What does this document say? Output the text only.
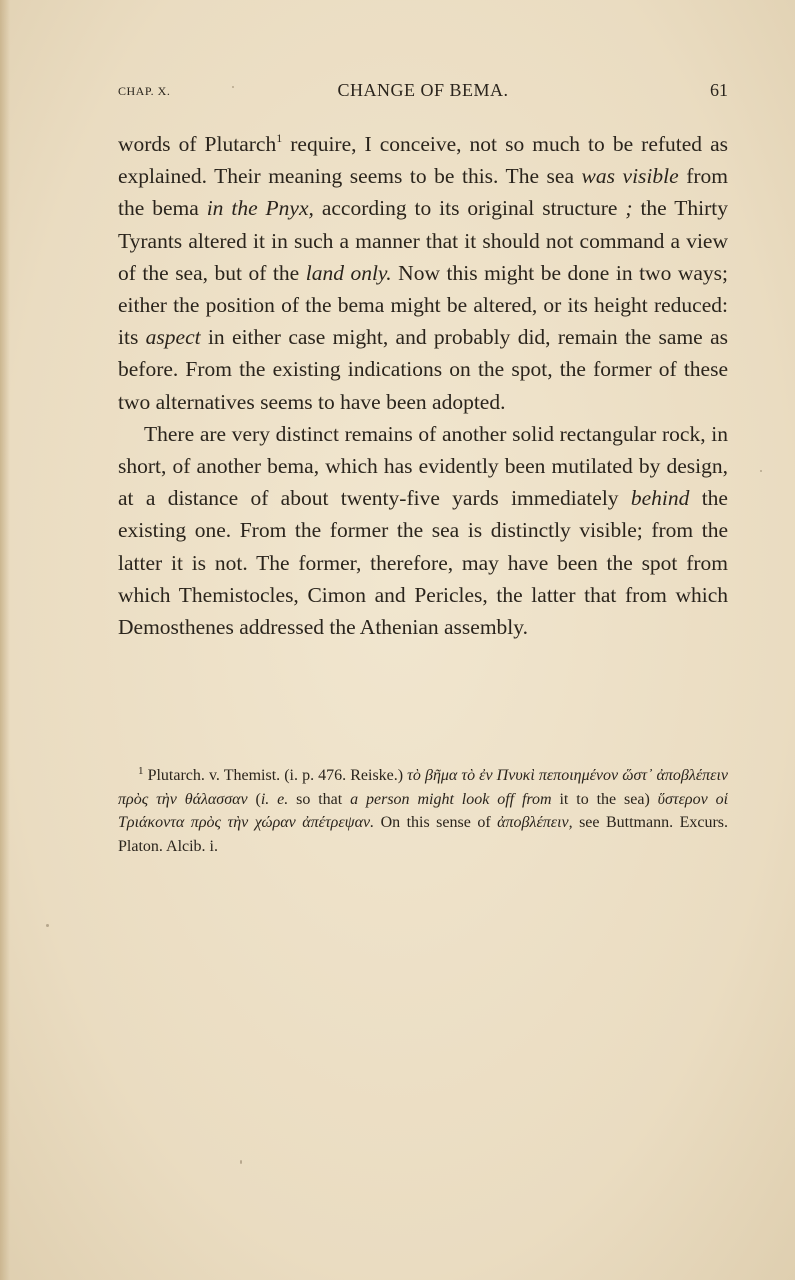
CHAP. X.	CHANGE OF BEMA.	61

words of Plutarch$^1$ require, I conceive, not so much to be refuted as explained. Their meaning seems to be this. The sea was visible from the bema in the Pnyx, according to its original structure ; the Thirty Tyrants altered it in such a manner that it should not command a view of the sea, but of the land only. Now this might be done in two ways; either the position of the bema might be altered, or its height reduced: its aspect in either case might, and probably did, remain the same as before. From the existing indications on the spot, the former of these two alternatives seems to have been adopted.

There are very distinct remains of another solid rectangular rock, in short, of another bema, which has evidently been mutilated by design, at a distance of about twenty-five yards immediately behind the existing one. From the former the sea is distinctly visible; from the latter it is not. The former, therefore, may have been the spot from which Themistocles, Cimon and Pericles, the latter that from which Demosthenes addressed the Athenian assembly.

$^1$ Plutarch. v. Themist. (i. p. 476. Reiske.) τὸ βῆμα τὸ ἐν Πνυκὶ πεποιημένον ὥστ᾽ ἀποβλέπειν πρὸς τὴν θάλασσαν (i. e. so that a person might look off from it to the sea) ὕστερον οἱ Τριάκοντα πρὸς τὴν χώραν ἀπέτρεψαν. On this sense of ἀποβλέπειν, see Buttmann. Excurs. Platon. Alcib. i.
